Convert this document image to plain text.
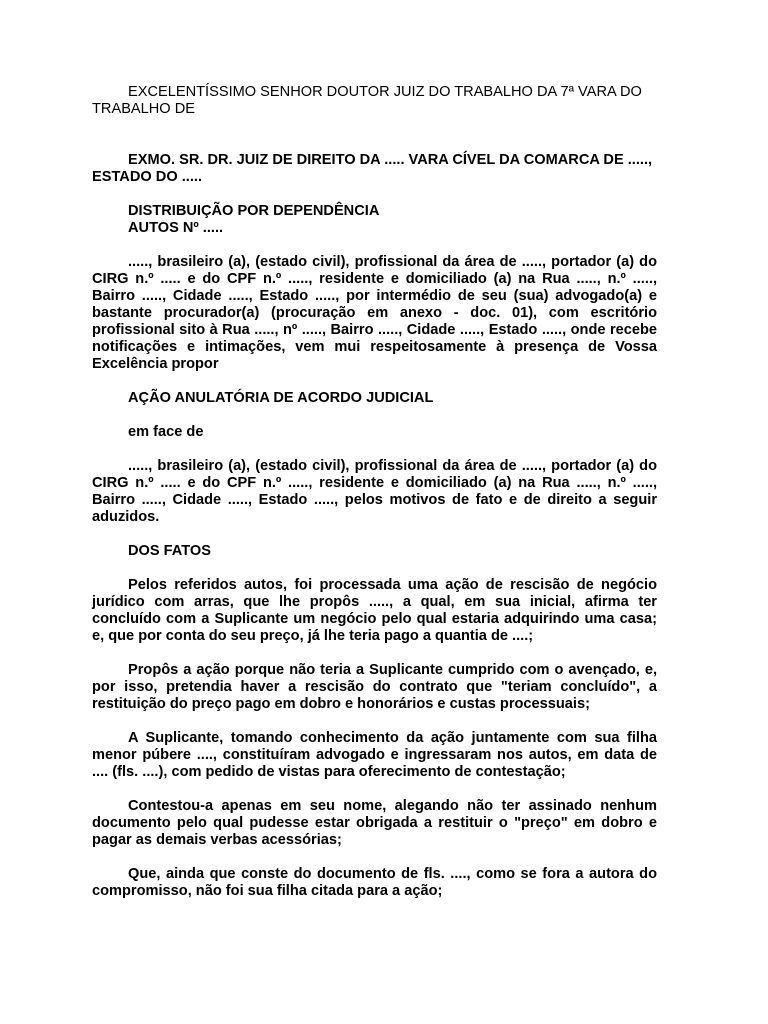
EXCELENTÍSSIMO SENHOR DOUTOR JUIZ DO TRABALHO DA 7ª VARA DO TRABALHO DE

EXMO. SR. DR. JUIZ DE DIREITO DA ..... VARA CÍVEL DA COMARCA DE ....., ESTADO DO .....

DISTRIBUIÇÃO POR DEPENDÊNCIA

AUTOS Nº .....

....., brasileiro (a), (estado civil), profissional da área de ....., portador (a) do CIRG n.º ..... e do CPF n.º ....., residente e domiciliado (a) na Rua ....., n.º ....., Bairro ....., Cidade ....., Estado ....., por intermédio de seu (sua) advogado(a) e bastante procurador(a) (procuração em anexo - doc. 01), com escritório profissional sito à Rua ....., nº ....., Bairro ....., Cidade ....., Estado ....., onde recebe notificações e intimações, vem mui respeitosamente à presença de Vossa Excelência propor

AÇÃO ANULATÓRIA DE ACORDO JUDICIAL

em face de

....., brasileiro (a), (estado civil), profissional da área de ....., portador (a) do CIRG n.º ..... e do CPF n.º ....., residente e domiciliado (a) na Rua ....., n.º ....., Bairro ....., Cidade ....., Estado ....., pelos motivos de fato e de direito a seguir aduzidos.

DOS FATOS

Pelos referidos autos, foi processada uma ação de rescisão de negócio jurídico com arras, que lhe propôs ....., a qual, em sua inicial, afirma ter concluído com a Suplicante um negócio pelo qual estaria adquirindo uma casa; e, que por conta do seu preço, já lhe teria pago a quantia de ....;

Propôs a ação porque não teria a Suplicante cumprido com o avençado, e, por isso, pretendia haver a rescisão do contrato que "teriam concluído", a restituição do preço pago em dobro e honorários e custas processuais;

A Suplicante, tomando conhecimento da ação juntamente com sua filha menor púbere ...., constituíram advogado e ingressaram nos autos, em data de .... (fls. ....), com pedido de vistas para oferecimento de contestação;

Contestou-a apenas em seu nome, alegando não ter assinado nenhum documento pelo qual pudesse estar obrigada a restituir o "preço" em dobro e pagar as demais verbas acessórias;

Que, ainda que conste do documento de fls. ...., como se fora a autora do compromisso, não foi sua filha citada para a ação;
